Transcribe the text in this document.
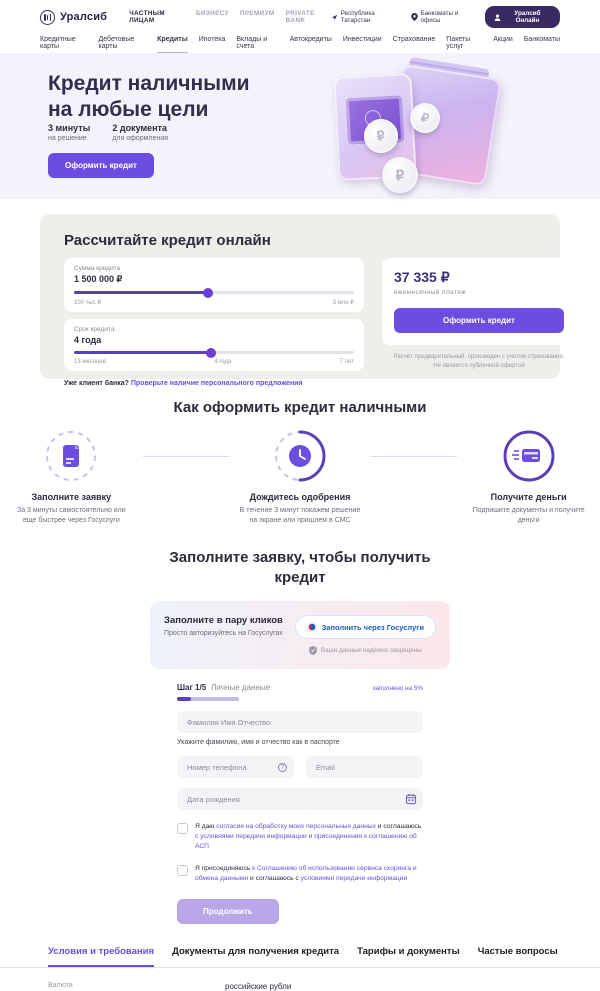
Уралсиб	ЧАСТНЫМ ЛИЦАМ
БИЗНЕСУ ПРЕМИУМ PRIVATE BANK
Республика Татарстан
Банкоматы и офисы
Уралсиб Онлайн
Кредитные карты
Дебетовые карты
Кредиты Ипотека Вклады и счета
Автокредиты Инвестиции Страхование Пакеты услуг
Акции Банкоматы
Кредит наличными
на любые цели
3 минуты
на решение
2 документа
для оформления
Оформить кредит
₽
₽
₽
Рассчитайте кредит онлайн
Сумма кредита
1 500 000 ₽
100 тыс ₽	3 млн ₽
Срок кредита
4 года
13 месяцев	4 года	7 лет
Уже клиент банка? Проверьте наличие персонального предложения
37 335 ₽
ежемесячный платеж
Оформить кредит
Расчёт предварительный, произведен с учетом страхования.
Не является публичной офертой
Как оформить кредит наличными
Заполните заявку

За 3 минуты самостоятельно или еще быстрее через Госуслуги

Дождитесь одобрения

В течение 3 минут покажем решение на экране или пришлем в СМС

Получите деньги

Подпишите документы и получите деньги

Заполните заявку, чтобы получить
кредит
Заполните в пару кликов
Просто авторизуйтесь на Госуслугах
Заполнить через Госуслуги
Ваши данные надёжно защищены
Шаг 1/5 Личные данные	заполнено на 5%
Фамилия Имя Отчество
Укажите фамилию, имя и отчество как в паспорте
Номер телефона
?
Email
Дата рождения

Я даю согласие на обработку моих персональных данных и соглашаюсь с условиями передачи информации и присоединения к соглашению об АСП

Я присоединяюсь к Соглашению об использовании сервиса скоринга и обмена данными и соглашаюсь с условиями передачи информации

Продолжить
Условия и требования Документы для получения кредита Тарифы и документы Частые вопросы
Валюта	российские рубли
